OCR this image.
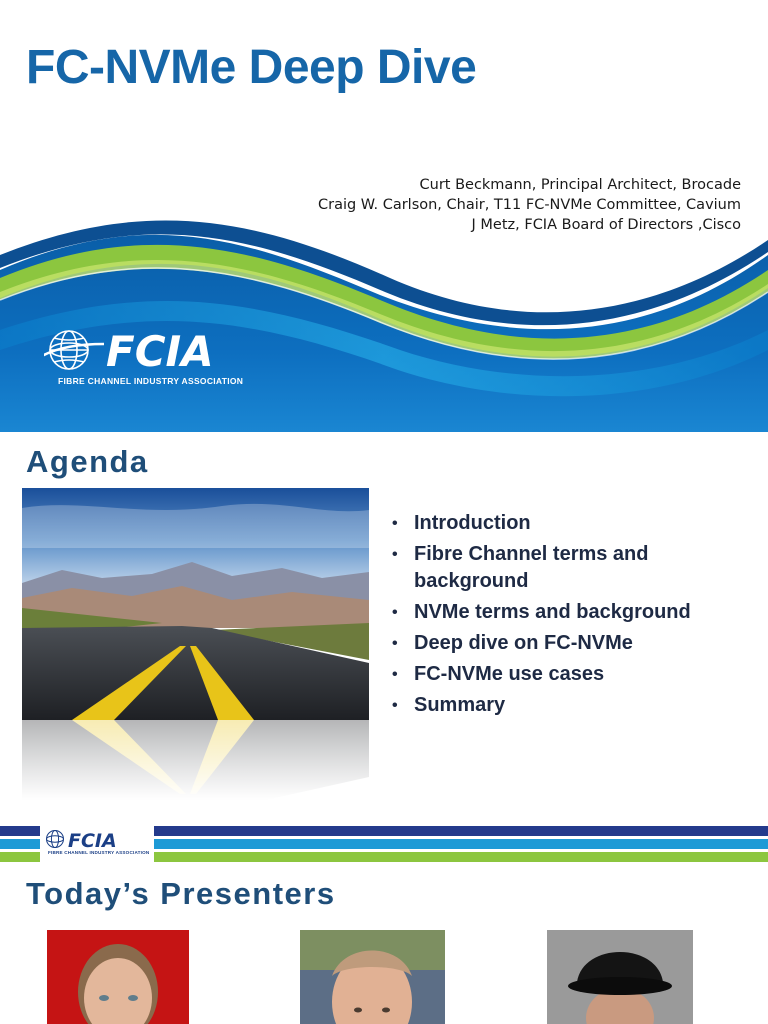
FC-NVMe Deep Dive
Curt Beckmann, Principal Architect, Brocade
Craig W. Carlson, Chair, T11 FC-NVMe Committee, Cavium
J Metz, FCIA Board of Directors ,Cisco
FCIA
FIBRE CHANNEL INDUSTRY ASSOCIATION
Agenda
• Introduction
• Fibre Channel terms and background
• NVMe terms and background
• Deep dive on FC-NVMe
• FC-NVMe use cases
• Summary
FCIA
FIBRE CHANNEL INDUSTRY ASSOCIATION
Today’s Presenters
